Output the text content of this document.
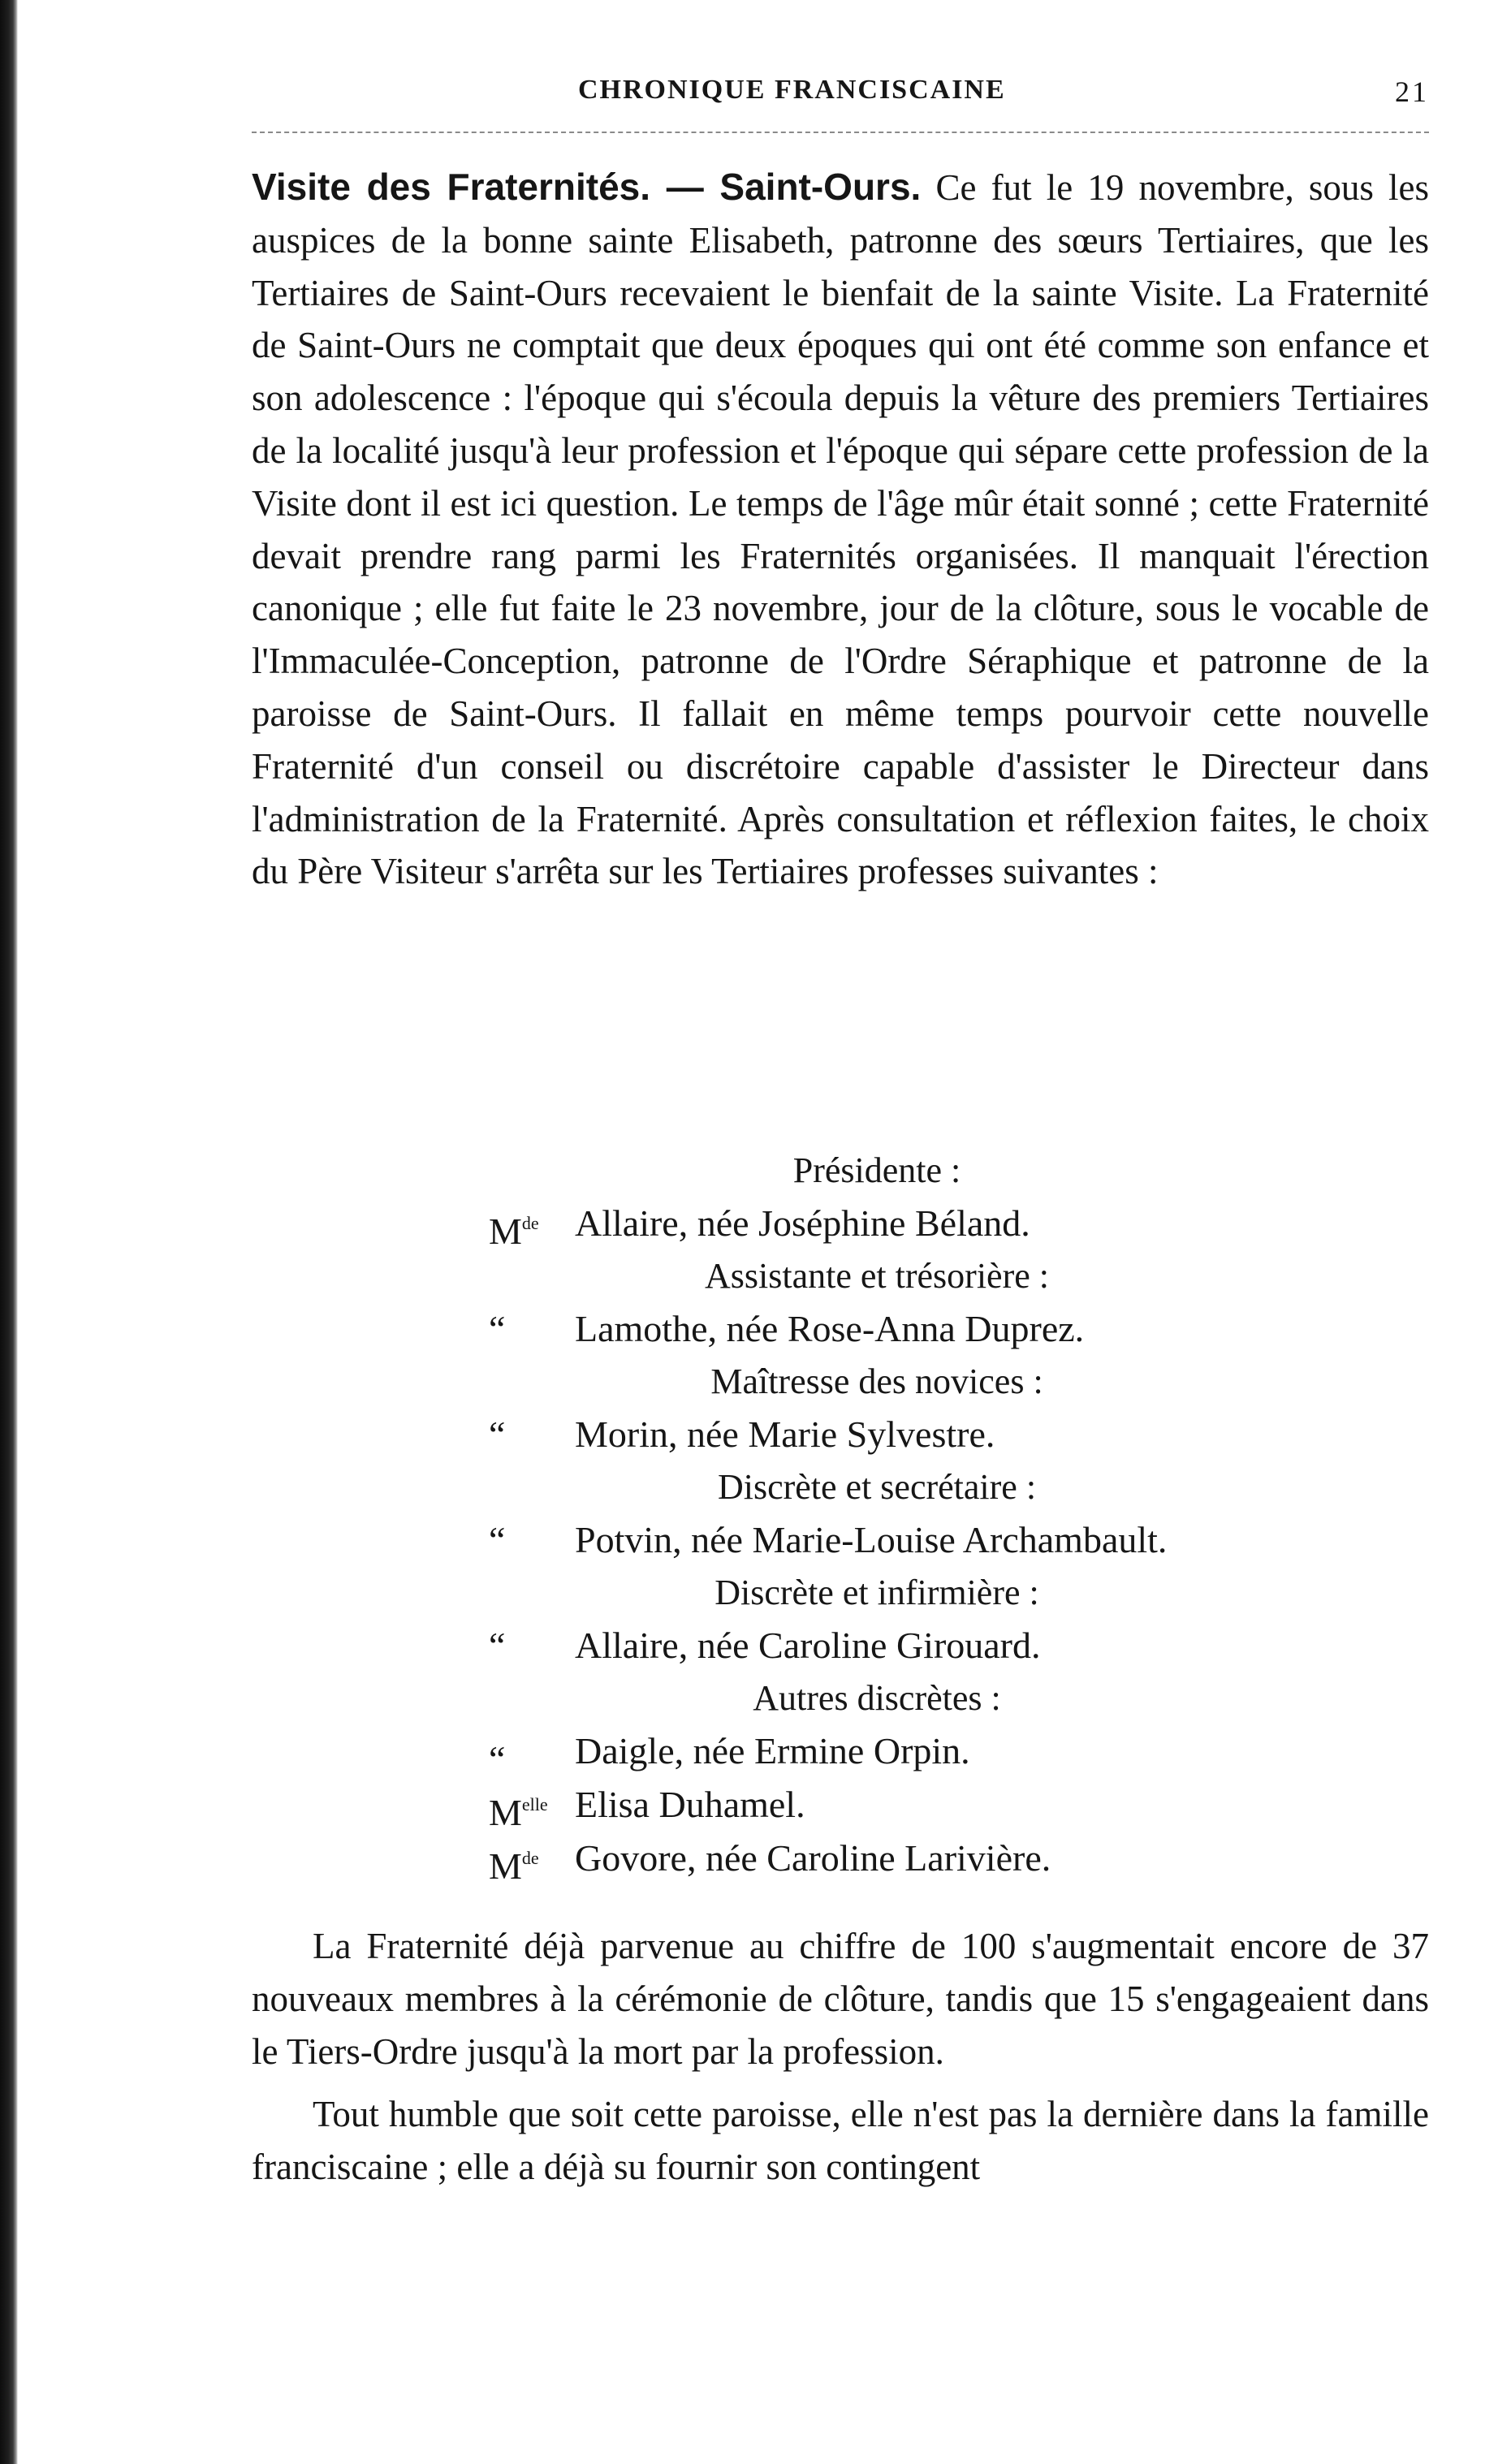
CHRONIQUE FRANCISCAINE	21

Visite des Fraternités. — Saint-Ours. Ce fut le 19 novembre, sous les auspices de la bonne sainte Elisabeth, patronne des sœurs Tertiaires, que les Tertiaires de Saint-Ours recevaient le bienfait de la sainte Visite. La Fraternité de Saint-Ours ne comptait que deux époques qui ont été comme son enfance et son adolescence : l'époque qui s'écoula depuis la vêture des premiers Tertiaires de la localité jusqu'à leur profession et l'époque qui sépare cette profession de la Visite dont il est ici question. Le temps de l'âge mûr était sonné ; cette Fraternité devait prendre rang parmi les Fraternités organisées. Il manquait l'érection canonique ; elle fut faite le 23 novembre, jour de la clôture, sous le vocable de l'Immaculée-Conception, patronne de l'Ordre Séraphique et patronne de la paroisse de Saint-Ours. Il fallait en même temps pourvoir cette nouvelle Fraternité d'un conseil ou discrétoire capable d'assister le Directeur dans l'administration de la Fraternité. Après consultation et réflexion faites, le choix du Père Visiteur s'arrêta sur les Tertiaires professes suivantes :

Présidente :
Mde Allaire, née Joséphine Béland.
Assistante et trésorière :
“	Lamothe, née Rose-Anna Duprez.
Maîtresse des novices :
“	Morin, née Marie Sylvestre.
Discrète et secrétaire :
“	Potvin, née Marie-Louise Archambault.
Discrète et infirmière :
“	Allaire, née Caroline Girouard.
Autres discrètes :
“	Daigle, née Ermine Orpin.
$M^{elle}$ Elisa Duhamel.
Mde Govore, née Caroline Larivière.

La Fraternité déjà parvenue au chiffre de 100 s'augmentait encore de 37 nouveaux membres à la cérémonie de clôture, tandis que 15 s'engageaient dans le Tiers-Ordre jusqu'à la mort par la profession.

Tout humble que soit cette paroisse, elle n'est pas la dernière dans la famille franciscaine ; elle a déjà su fournir son contingent
